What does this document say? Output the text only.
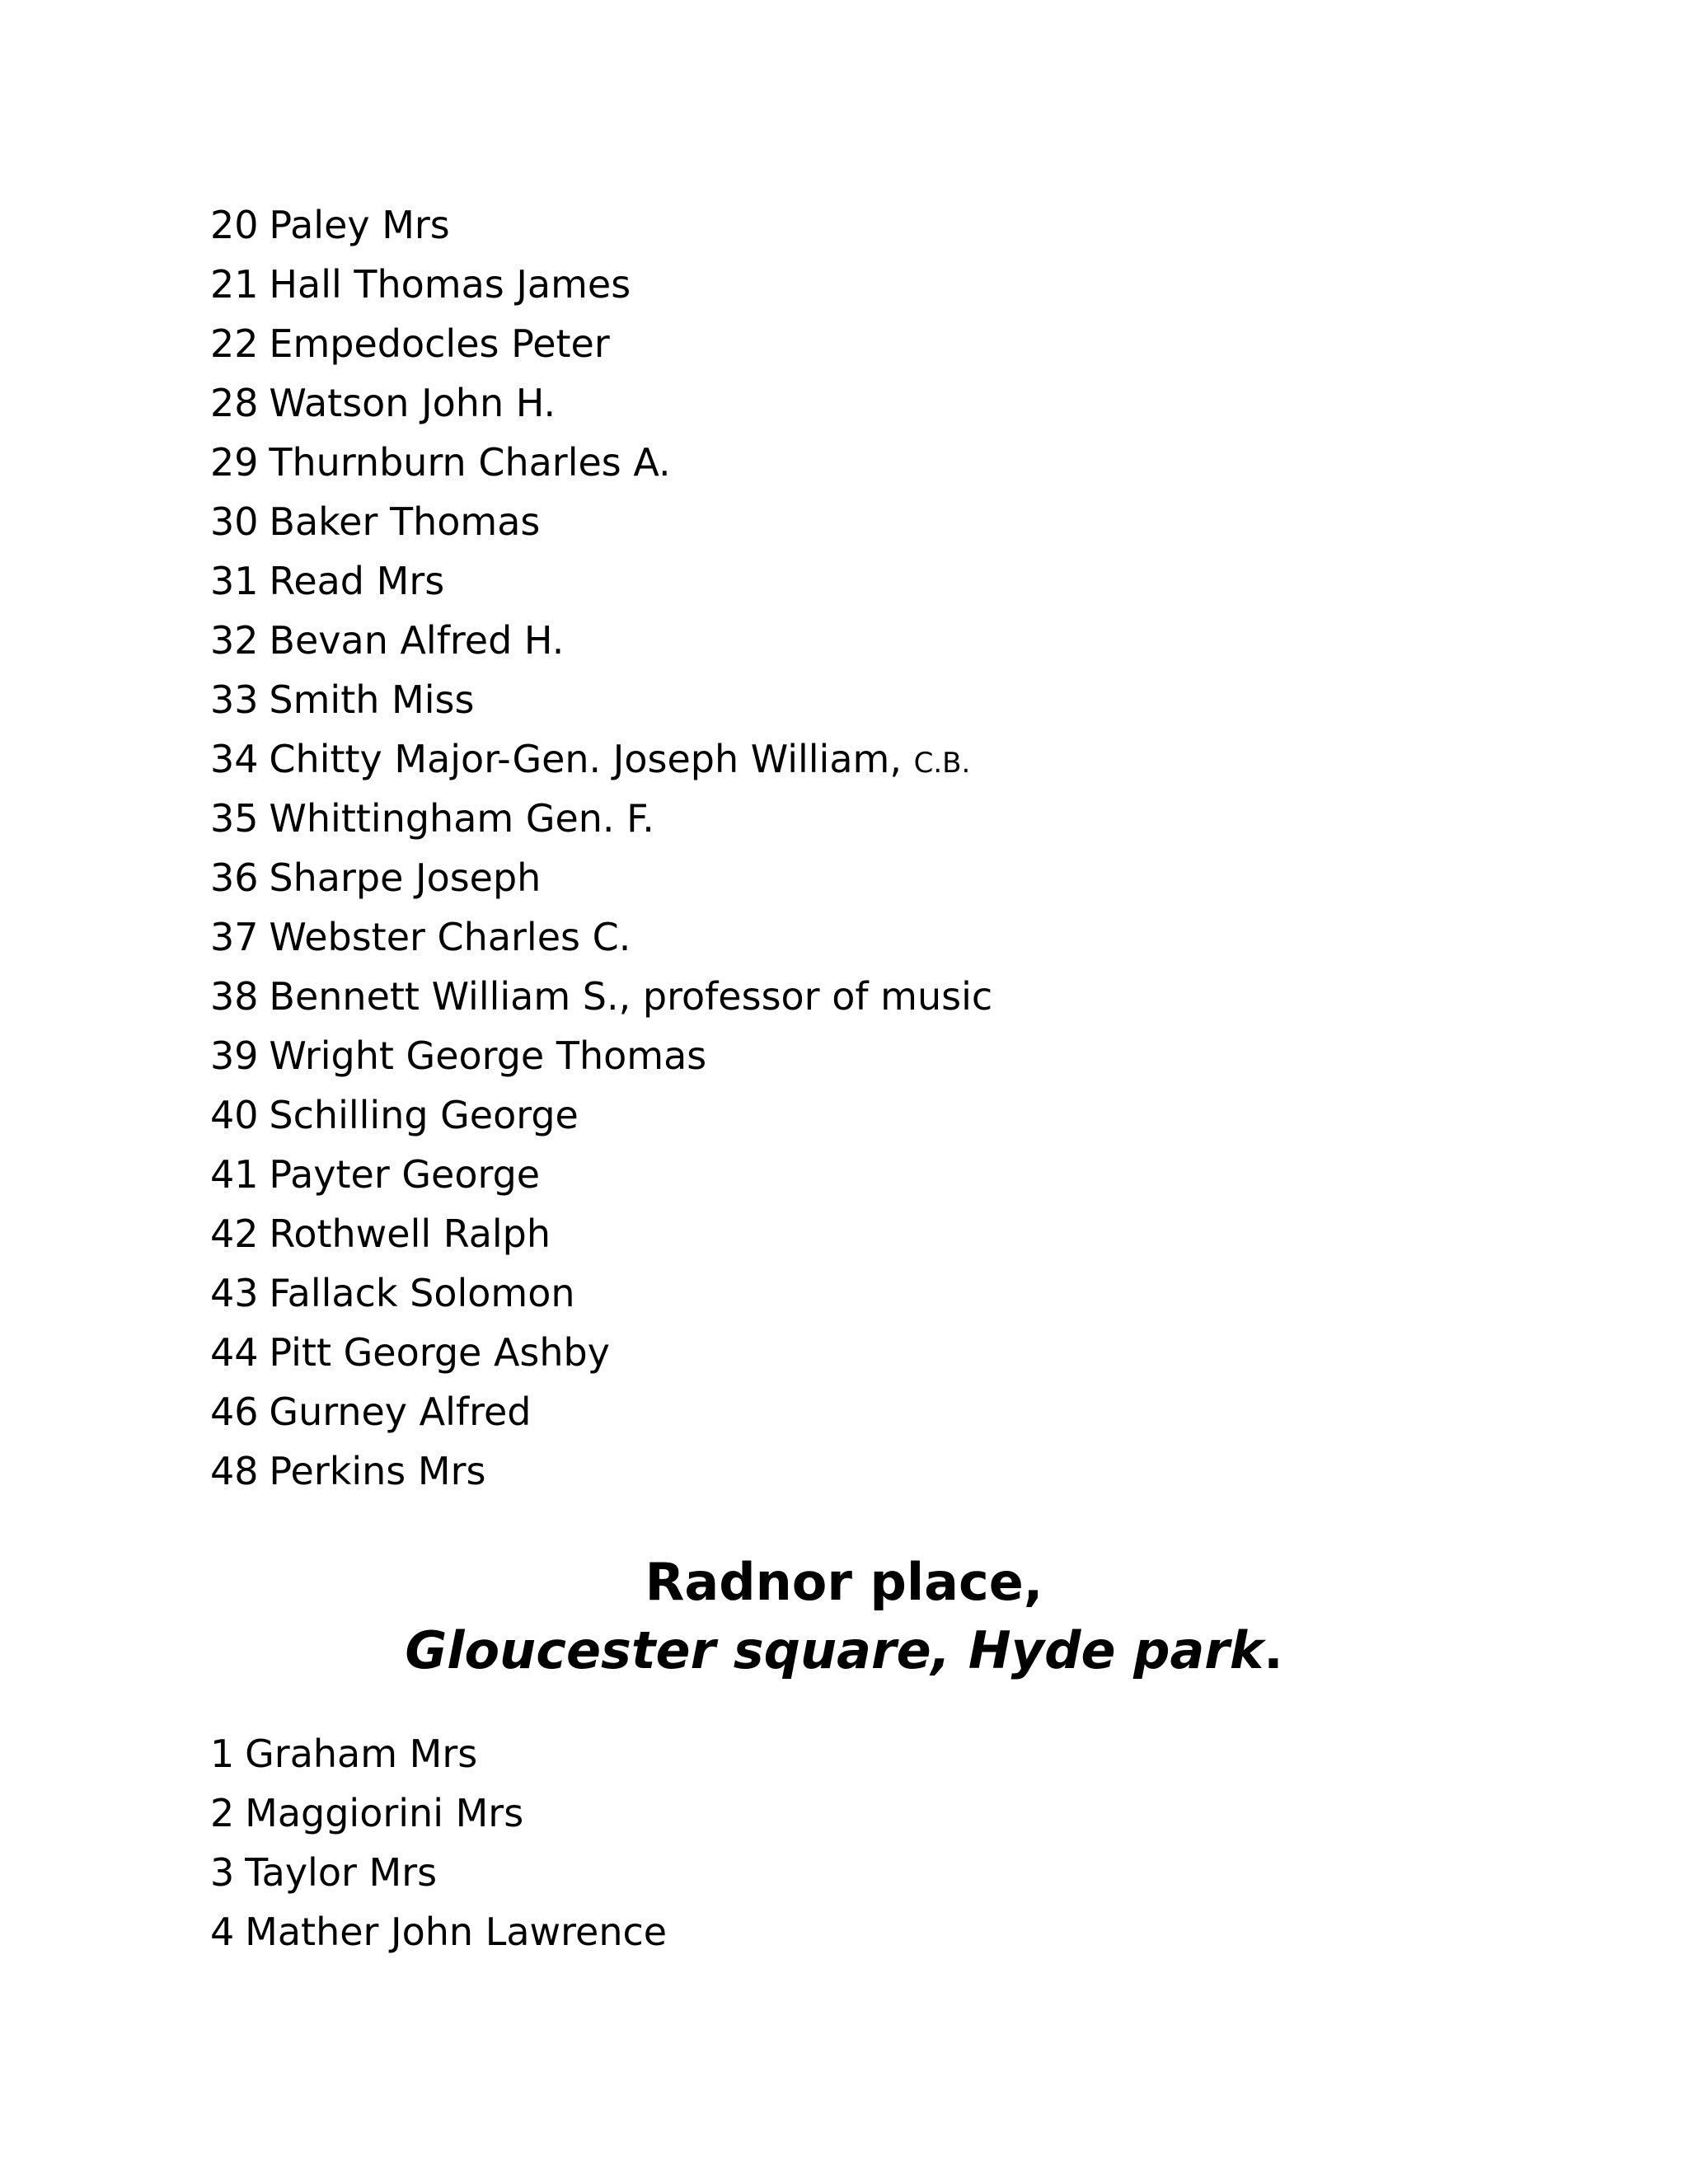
20 Paley Mrs
21 Hall Thomas James
22 Empedocles Peter
28 Watson John H.
29 Thurnburn Charles A.
30 Baker Thomas
31 Read Mrs
32 Bevan Alfred H.
33 Smith Miss
34 Chitty Major-Gen. Joseph William, C.B.
35 Whittingham Gen. F.
36 Sharpe Joseph
37 Webster Charles C.
38 Bennett William S., professor of music
39 Wright George Thomas
40 Schilling George
41 Payter George
42 Rothwell Ralph
43 Fallack Solomon
44 Pitt George Ashby
46 Gurney Alfred
48 Perkins Mrs
Radnor place,
Gloucester square, Hyde park.
1 Graham Mrs
2 Maggiorini Mrs
3 Taylor Mrs
4 Mather John Lawrence
